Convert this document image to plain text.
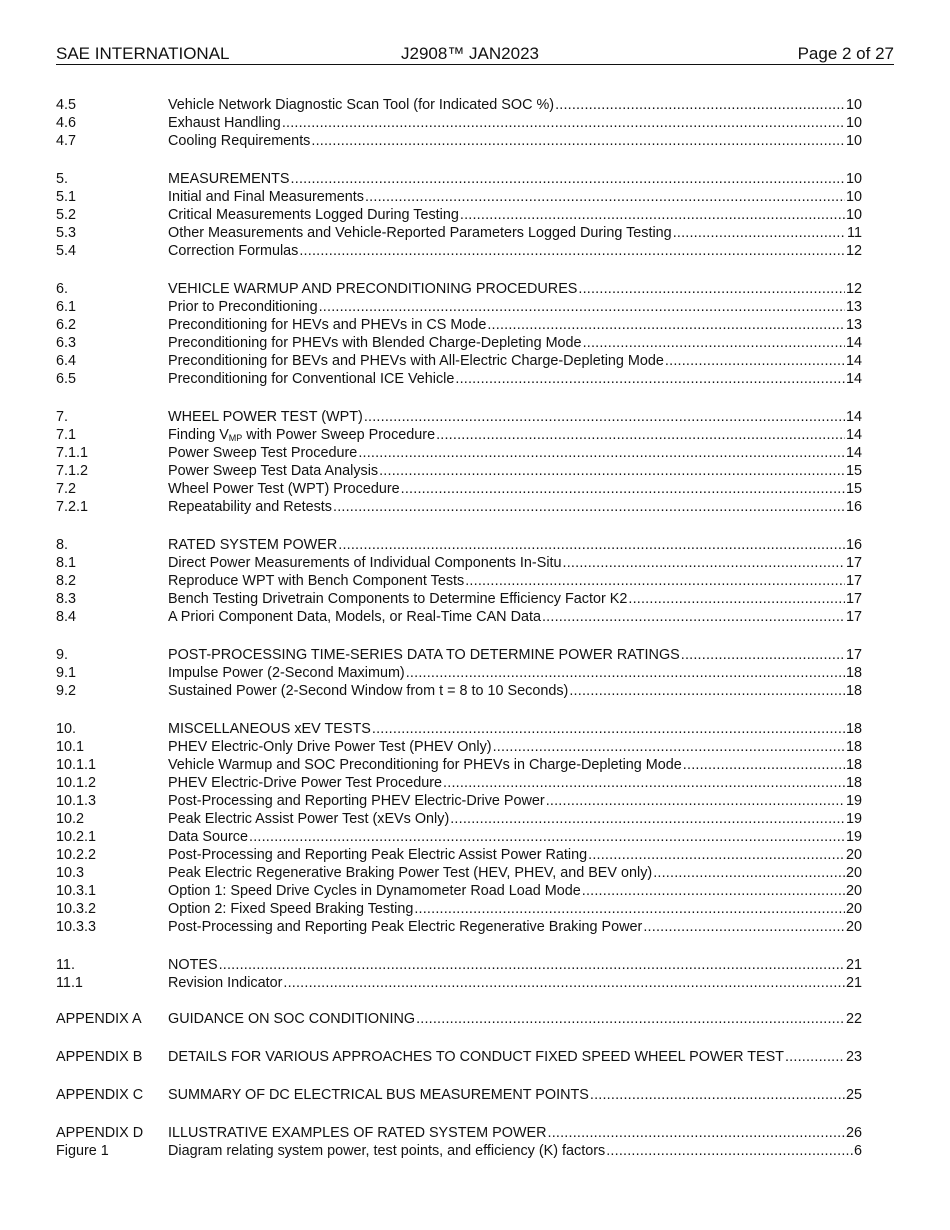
SAE INTERNATIONAL	J2908™ JAN2023	Page 2 of 27
4.5	Vehicle Network Diagnostic Scan Tool (for Indicated SOC %) .....	10
4.6	Exhaust Handling .....	10
4.7	Cooling Requirements .....	10
5.	MEASUREMENTS .....	10
5.1	Initial and Final Measurements .....	10
5.2	Critical Measurements Logged During Testing .....	10
5.3	Other Measurements and Vehicle-Reported Parameters Logged During Testing .....	11
5.4	Correction Formulas .....	12
6.	VEHICLE WARMUP AND PRECONDITIONING PROCEDURES .....	12
6.1	Prior to Preconditioning .....	13
6.2	Preconditioning for HEVs and PHEVs in CS Mode .....	13
6.3	Preconditioning for PHEVs with Blended Charge-Depleting Mode .....	14
6.4	Preconditioning for BEVs and PHEVs with All-Electric Charge-Depleting Mode .....	14
6.5	Preconditioning for Conventional ICE Vehicle .....	14
7.	WHEEL POWER TEST (WPT) .....	14
7.1	Finding $V_{MP}$ with Power Sweep Procedure .....	14
7.1.1	Power Sweep Test Procedure .....	14
7.1.2	Power Sweep Test Data Analysis .....	15
7.2	Wheel Power Test (WPT) Procedure .....	15
7.2.1	Repeatability and Retests .....	16
8.	RATED SYSTEM POWER .....	16
8.1	Direct Power Measurements of Individual Components In-Situ .....	17
8.2	Reproduce WPT with Bench Component Tests .....	17
8.3	Bench Testing Drivetrain Components to Determine Efficiency Factor K2 .....	17
8.4	A Priori Component Data, Models, or Real-Time CAN Data .....	17
9.	POST-PROCESSING TIME-SERIES DATA TO DETERMINE POWER RATINGS .....	17
9.1	Impulse Power (2-Second Maximum) .....	18
9.2	Sustained Power (2-Second Window from t = 8 to 10 Seconds) .....	18
10.	MISCELLANEOUS xEV TESTS .....	18
10.1	PHEV Electric-Only Drive Power Test (PHEV Only) .....	18
10.1.1	Vehicle Warmup and SOC Preconditioning for PHEVs in Charge-Depleting Mode .....	18
10.1.2	PHEV Electric-Drive Power Test Procedure .....	18
10.1.3	Post-Processing and Reporting PHEV Electric-Drive Power .....	19
10.2	Peak Electric Assist Power Test (xEVs Only) .....	19
10.2.1	Data Source .....	19
10.2.2	Post-Processing and Reporting Peak Electric Assist Power Rating .....	20
10.3	Peak Electric Regenerative Braking Power Test (HEV, PHEV, and BEV only) .....	20
10.3.1	Option 1: Speed Drive Cycles in Dynamometer Road Load Mode .....	20
10.3.2	Option 2: Fixed Speed Braking Testing .....	20
10.3.3	Post-Processing and Reporting Peak Electric Regenerative Braking Power .....	20
11.	NOTES .....	21
11.1	Revision Indicator .....	21
APPENDIX A GUIDANCE ON SOC CONDITIONING .....	22
APPENDIX B DETAILS FOR VARIOUS APPROACHES TO CONDUCT FIXED SPEED WHEEL POWER TEST .....	23
APPENDIX C SUMMARY OF DC ELECTRICAL BUS MEASUREMENT POINTS .....	25
APPENDIX D ILLUSTRATIVE EXAMPLES OF RATED SYSTEM POWER .....	26
Figure 1	Diagram relating system power, test points, and efficiency (K) factors .....	6
